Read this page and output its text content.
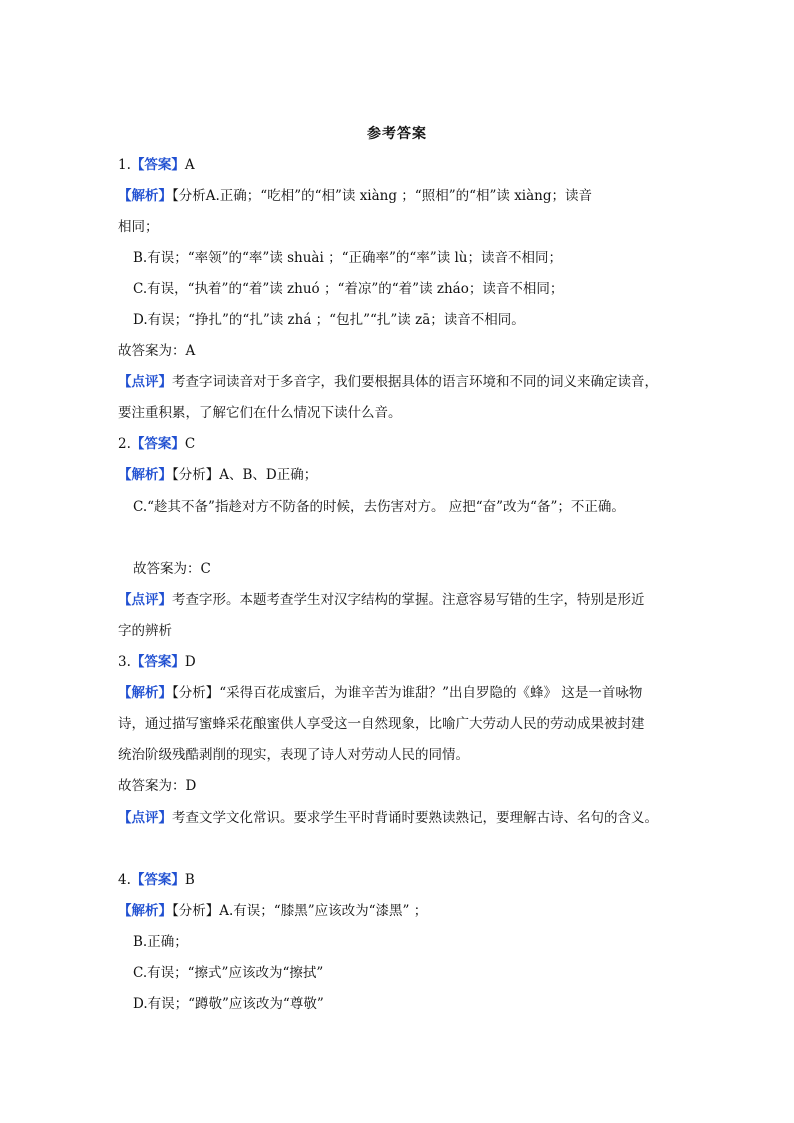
参考答案
1.【答案】A
【解析】【分析A.正确；“吃相”的“相”读 xiàng ；“照相”的“相”读 xiàng；读音
相同；
B.有误；“率领”的“率”读 shuài ；“正确率”的“率”读 lù；读音不相同；
C.有误，“执着”的“着”读 zhuó ；“着凉”的“着”读 zháo；读音不相同；
D.有误；“挣扎”的“扎”读 zhá ；“包扎”“扎”读 zā；读音不相同。
故答案为：A
【点评】考查字词读音对于多音字，我们要根据具体的语言环境和不同的词义来确定读音，
要注重积累，了解它们在什么情况下读什么音。
2.【答案】C
【解析】【分析】A、B、D正确；
C.“趁其不备”指趁对方不防备的时候，去伤害对方。 应把“奋”改为“备”；不正确。
故答案为：C
【点评】考查字形。本题考查学生对汉字结构的掌握。注意容易写错的生字，特别是形近
字的辨析
3.【答案】D
【解析】【分析】“采得百花成蜜后，为谁辛苦为谁甜？”出自罗隐的《蜂》 这是一首咏物
诗，通过描写蜜蜂采花酿蜜供人享受这一自然现象，比喻广大劳动人民的劳动成果被封建
统治阶级残酷剥削的现实，表现了诗人对劳动人民的同情。
故答案为：D
【点评】考查文学文化常识。要求学生平时背诵时要熟读熟记，要理解古诗、名句的含义。
4.【答案】B
【解析】【分析】A.有误；“膝黑”应该改为“漆黑” ；
B.正确；
C.有误；“擦式”应该改为“擦拭”
D.有误；“蹲敬”应该改为“尊敬”
